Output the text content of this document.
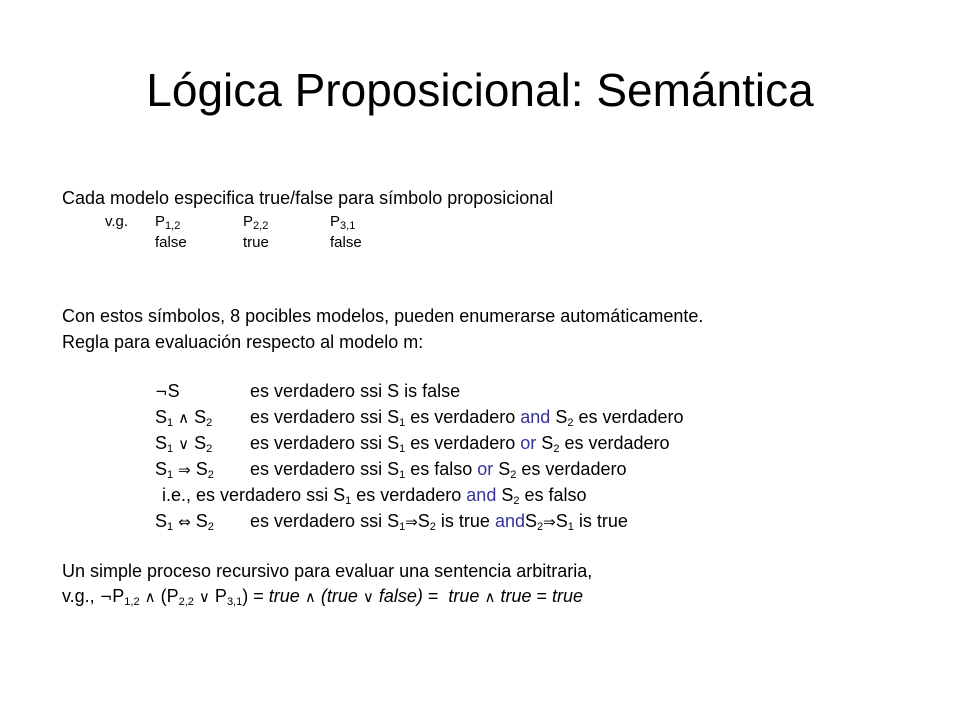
Lógica Proposicional: Semántica
Cada modelo especifica true/false para símbolo proposicional
v.g. $P_{1,2}$	$P_{2,2}$	$P_{3,1}$
false	true	false
Con estos símbolos, 8 pocibles modelos, pueden enumerarse automáticamente.
Regla para evaluación respecto al modelo m:
¬S	es verdadero ssi S is false
$S_1$ ∧ $S_2$ es verdadero ssi $S_1$ es verdadero and $S_2$ es verdadero
$S_1$ ∨ $S_2$ es verdadero ssi $S_1$ es verdadero or $S_2$ es verdadero
$S_1$ ⇒ $S_2$ es verdadero ssi $S_1$ es falso or $S_2$ es verdadero
i.e., es verdadero ssi $S_1$ es verdadero and $S_2$ es falso
$S_1$ ⇔ $S_2$ es verdadero ssi $S_1\Rightarrow S_2$ is true $andS_2\Rightarrow S_1$ is true
Un simple proceso recursivo para evaluar una sentencia arbitraria,
v.g., $\neg P_{1,2}$ ∧ ($P_{2,2}$ ∨ $P_{3,1}$) = true ∧ (true ∨ false) = true ∧ true = true
